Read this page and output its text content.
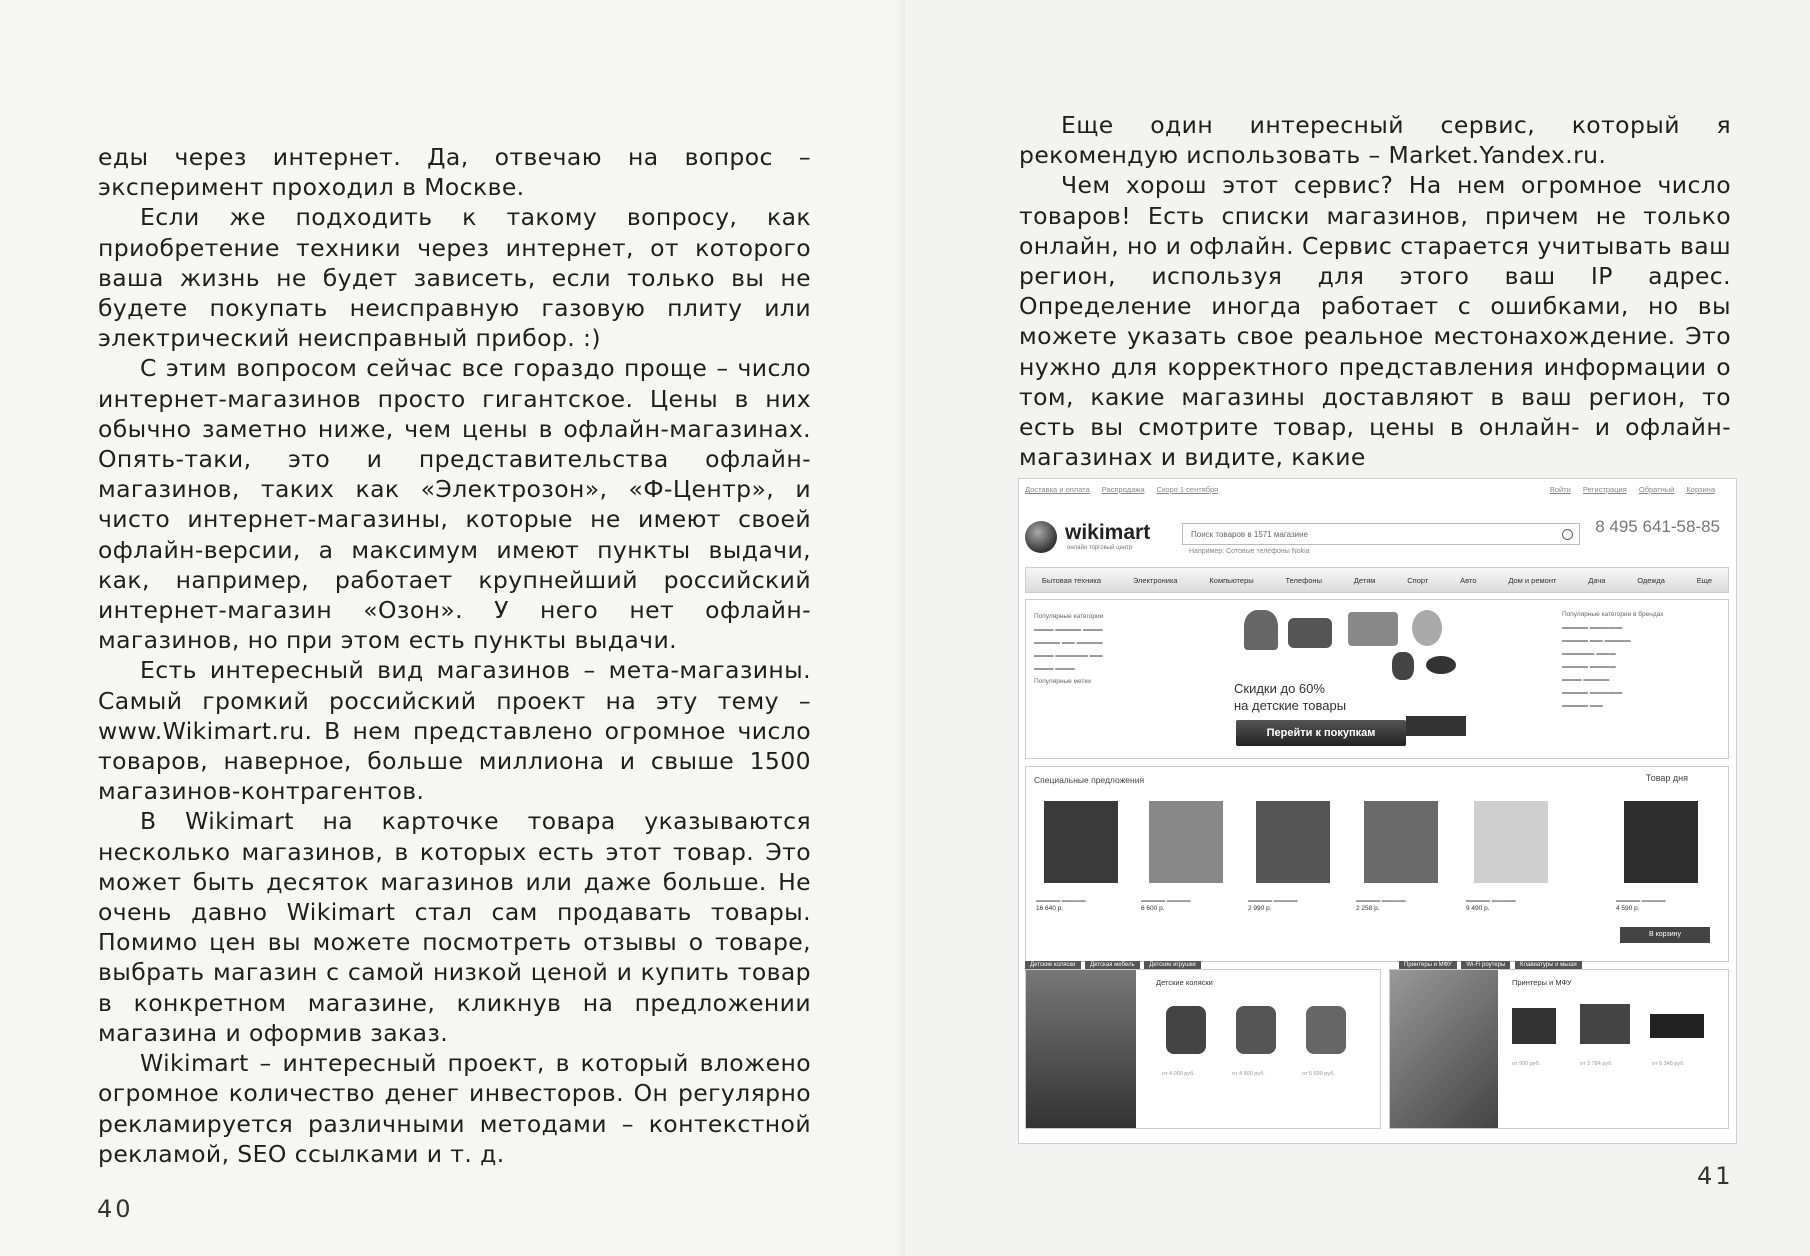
еды через интернет. Да, отвечаю на вопрос – эксперимент проходил в Москве.

Если же подходить к такому вопросу, как приобретение техники через интернет, от которого ваша жизнь не будет зависеть, если только вы не будете покупать неисправную газовую плиту или электрический неисправный прибор. :)

С этим вопросом сейчас все гораздо проще – число интернет-магазинов просто гигантское. Цены в них обычно заметно ниже, чем цены в офлайн-магазинах. Опять-таки, это и представительства офлайн-магазинов, таких как «Электрозон», «Ф-Центр», и чисто интернет-магазины, которые не имеют своей офлайн-версии, а максимум имеют пункты выдачи, как, например, работает крупнейший российский интернет-магазин «Озон». У него нет офлайн-магазинов, но при этом есть пункты выдачи.

Есть интересный вид магазинов – мета-магазины. Самый громкий российский проект на эту тему – www.Wikimart.ru. В нем представлено огромное число товаров, наверное, больше миллиона и свыше 1500 магазинов-контрагентов.

В Wikimart на карточке товара указываются несколько магазинов, в которых есть этот товар. Это может быть десяток магазинов или даже больше. Не очень давно Wikimart стал сам продавать товары. Помимо цен вы можете посмотреть отзывы о товаре, выбрать магазин с самой низкой ценой и купить товар в конкретном магазине, кликнув на предложении магазина и оформив заказ.

Wikimart – интересный проект, в который вложено огромное количество денег инвесторов. Он регулярно рекламируется различными методами – контекстной рекламой, SEO ссылками и т. д.

40

Еще один интересный сервис, который я рекомендую использовать – Market.Yandex.ru.

Чем хорош этот сервис? На нем огромное число товаров! Есть списки магазинов, причем не только онлайн, но и офлайн. Сервис старается учитывать ваш регион, используя для этого ваш IP адрес. Определение иногда работает с ошибками, но вы можете указать свое реальное местонахождение. Это нужно для корректного представления информации о том, какие магазины доставляют в ваш регион, то есть вы смотрите товар, цены в онлайн- и офлайн-магазинах и видите, какие

41
Доставка и оплата Распродажа Скоро 1 сентября	Войти Регистрация Обратный Корзина
wikimart
онлайн торговый центр
Поиск товаров в 1571 магазине
Например: Сотовые телефоны Nokia
8 495 641-58-85
Бытовая техника	Электроника	Компьютеры	Телефоны	Детям	Спорт	Авто	Дом и ремонт	Дача	Одежда	Еще
Популярные категории
▬▬▬ ▬▬▬▬ ▬▬▬
▬▬▬▬ ▬▬ ▬▬▬▬
▬▬▬ ▬▬▬▬▬ ▬▬
▬▬▬ ▬▬▬
Популярные метки	Скидки до 60%
на детские товары
Перейти к покупкам
Популярные категории в брендах
▬▬▬▬ ▬▬▬▬▬
▬▬▬▬ ▬▬ ▬▬▬▬
▬▬▬▬▬ ▬▬▬
▬▬▬▬ ▬▬▬▬
▬▬▬ ▬▬▬▬
▬▬▬▬ ▬▬▬▬▬
▬▬▬▬ ▬▬
Специальные предложения	Товар дня
▬▬▬▬ ▬▬▬▬
16 640 р.
▬▬▬▬ ▬▬▬▬
6 600 р.
▬▬▬▬ ▬▬▬▬
2 990 р.
▬▬▬▬ ▬▬▬▬
2 258 р.
▬▬▬▬ ▬▬▬▬
9 490 р.
▬▬▬▬ ▬▬▬▬
4 590 р.
В корзину
Детские коляски Детская мебель Детские игрушки	Принтеры и МФУ Wi-Fi роутеры Клавиатуры и мыши
Детские коляски
от 4 000 руб.	от 4 500 руб.	от 5 699 руб.
Принтеры и МФУ
от 990 руб.	от 3 784 руб.	от 6 348 руб.
